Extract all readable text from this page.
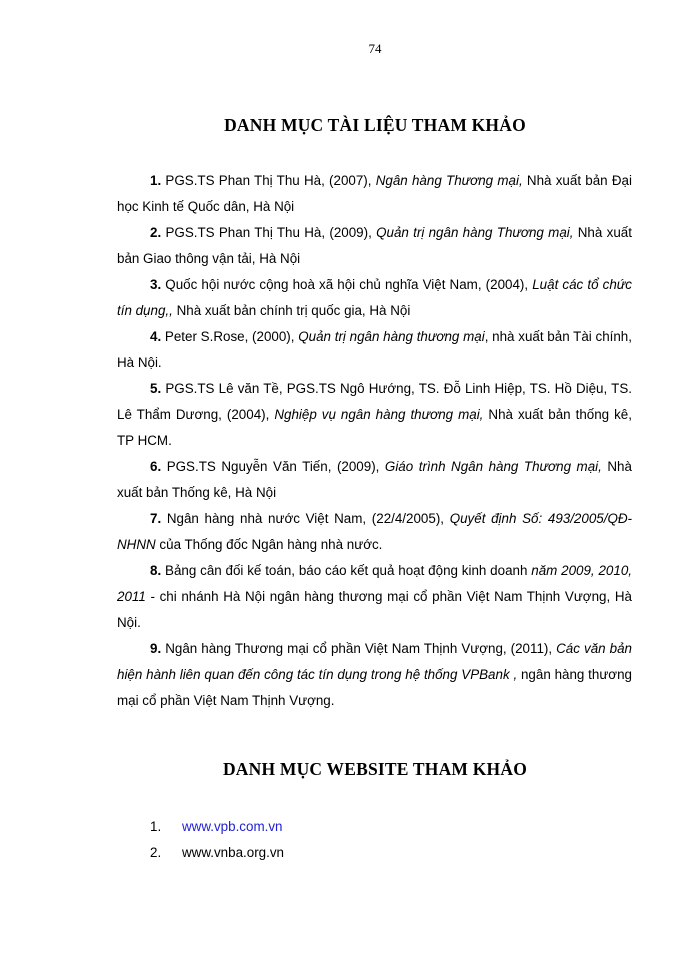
74
DANH MỤC TÀI LIỆU THAM KHẢO

1. PGS.TS Phan Thị Thu Hà, (2007), Ngân hàng Thương mại, Nhà xuất bản Đại học Kinh tế Quốc dân, Hà Nội

2. PGS.TS Phan Thị Thu Hà, (2009), Quản trị ngân hàng Thương mại, Nhà xuất bản Giao thông vận tải, Hà Nội

3. Quốc hội nước cộng hoà xã hội chủ nghĩa Việt Nam, (2004), Luật các tổ chức tín dụng,, Nhà xuất bản chính trị quốc gia, Hà Nội

4. Peter S.Rose, (2000), Quản trị ngân hàng thương mại, nhà xuất bản Tài chính, Hà Nội.

5. PGS.TS Lê văn Tề, PGS.TS Ngô Hướng, TS. Đỗ Linh Hiệp, TS. Hồ Diệu, TS. Lê Thẩm Dương, (2004), Nghiệp vụ ngân hàng thương mại, Nhà xuất bản thống kê, TP HCM.

6. PGS.TS Nguyễn Văn Tiến, (2009), Giáo trình Ngân hàng Thương mại, Nhà xuất bản Thống kê, Hà Nội

7. Ngân hàng nhà nước Việt Nam, (22/4/2005), Quyết định Số: 493/2005/QĐ-NHNN của Thống đốc Ngân hàng nhà nước.

8. Bảng cân đối kế toán, báo cáo kết quả hoạt động kinh doanh năm 2009, 2010, 2011 - chi nhánh Hà Nội ngân hàng thương mại cổ phần Việt Nam Thịnh Vượng, Hà Nội.

9. Ngân hàng Thương mại cổ phần Việt Nam Thịnh Vượng, (2011), Các văn bản hiện hành liên quan đến công tác tín dụng trong hệ thống VPBank , ngân hàng thương mại cổ phần Việt Nam Thịnh Vượng.

DANH MỤC WEBSITE THAM KHẢO
1. www.vpb.com.vn
2. www.vnba.org.vn
